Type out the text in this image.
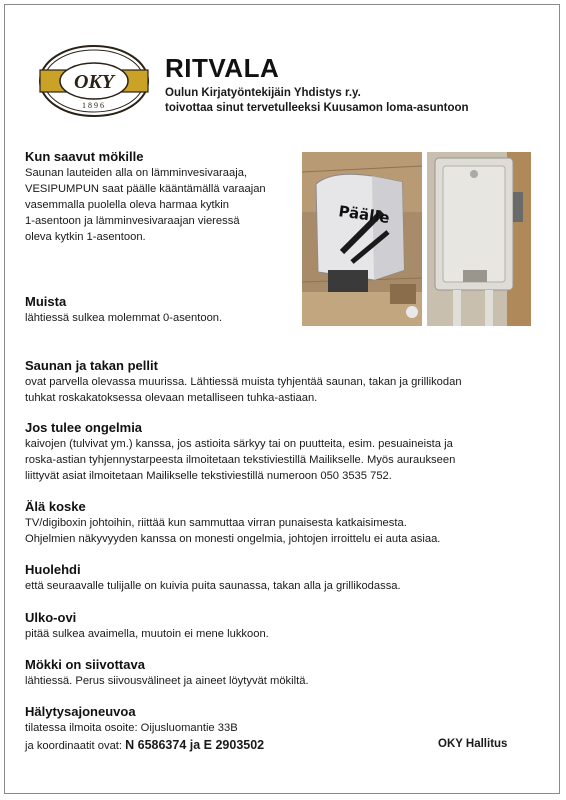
OKY
1896
RITVALA
Oulun Kirjatyöntekijäin Yhdistys r.y.
toivottaa sinut tervetulleeksi Kuusamon loma-asuntoon
Kun saavut mökille

Saunan lauteiden alla on lämminvesivaraaja,
VESIPUMPUN saat päälle kääntämällä varaajan
vasemmalla puolella oleva harmaa kytkin
1-asentoon ja lämminvesivaraajan vieressä
oleva kytkin 1-asentoon.

Päälle
Muista

lähtiessä sulkea molemmat 0-asentoon.

Saunan ja takan pellit

ovat parvella olevassa muurissa. Lähtiessä muista tyhjentää saunan, takan ja grillikodan
tuhkat roskakatoksessa olevaan metalliseen tuhka-astiaan.

Jos tulee ongelmia

kaivojen (tulvivat ym.) kanssa, jos astioita särkyy tai on puutteita, esim. pesuaineista ja
roska-astian tyhjennystarpeesta ilmoitetaan tekstiviestillä Mailikselle. Myös auraukseen
liittyvät asiat ilmoitetaan Mailikselle tekstiviestillä numeroon 050 3535 752.

Älä koske

TV/digiboxin johtoihin, riittää kun sammuttaa virran punaisesta katkaisimesta.
Ohjelmien näkyvyyden kanssa on monesti ongelmia, johtojen irroittelu ei auta asiaa.

Huolehdi

että seuraavalle tulijalle on kuivia puita saunassa, takan alla ja grillikodassa.

Ulko-ovi

pitää sulkea avaimella, muutoin ei mene lukkoon.

Mökki on siivottava

lähtiessä. Perus siivousvälineet ja aineet löytyvät mökiltä.

Hälytysajoneuvoa

tilatessa ilmoita osoite: Oijusluomantie 33B

ja koordinaatit ovat: N 6586374 ja E 2903502	OKY Hallitus
